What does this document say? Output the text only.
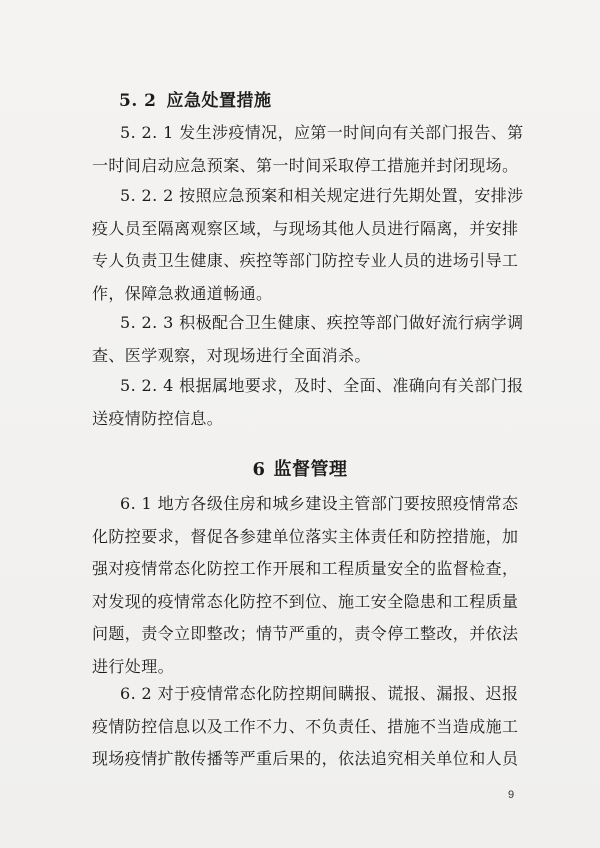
5. 2 应急处置措施
5. 2. 1 发生涉疫情况，应第一时间向有关部门报告、第
一时间启动应急预案、第一时间采取停工措施并封闭现场。
5. 2. 2 按照应急预案和相关规定进行先期处置，安排涉
疫人员至隔离观察区域，与现场其他人员进行隔离，并安排
专人负责卫生健康、疾控等部门防控专业人员的进场引导工
作，保障急救通道畅通。
5. 2. 3 积极配合卫生健康、疾控等部门做好流行病学调
查、医学观察，对现场进行全面消杀。
5. 2. 4 根据属地要求，及时、全面、准确向有关部门报
送疫情防控信息。
6 监督管理
6. 1 地方各级住房和城乡建设主管部门要按照疫情常态
化防控要求，督促各参建单位落实主体责任和防控措施，加
强对疫情常态化防控工作开展和工程质量安全的监督检查，
对发现的疫情常态化防控不到位、施工安全隐患和工程质量
问题，责令立即整改；情节严重的，责令停工整改，并依法
进行处理。
6. 2 对于疫情常态化防控期间瞒报、谎报、漏报、迟报
疫情防控信息以及工作不力、不负责任、措施不当造成施工
现场疫情扩散传播等严重后果的，依法追究相关单位和人员
9
